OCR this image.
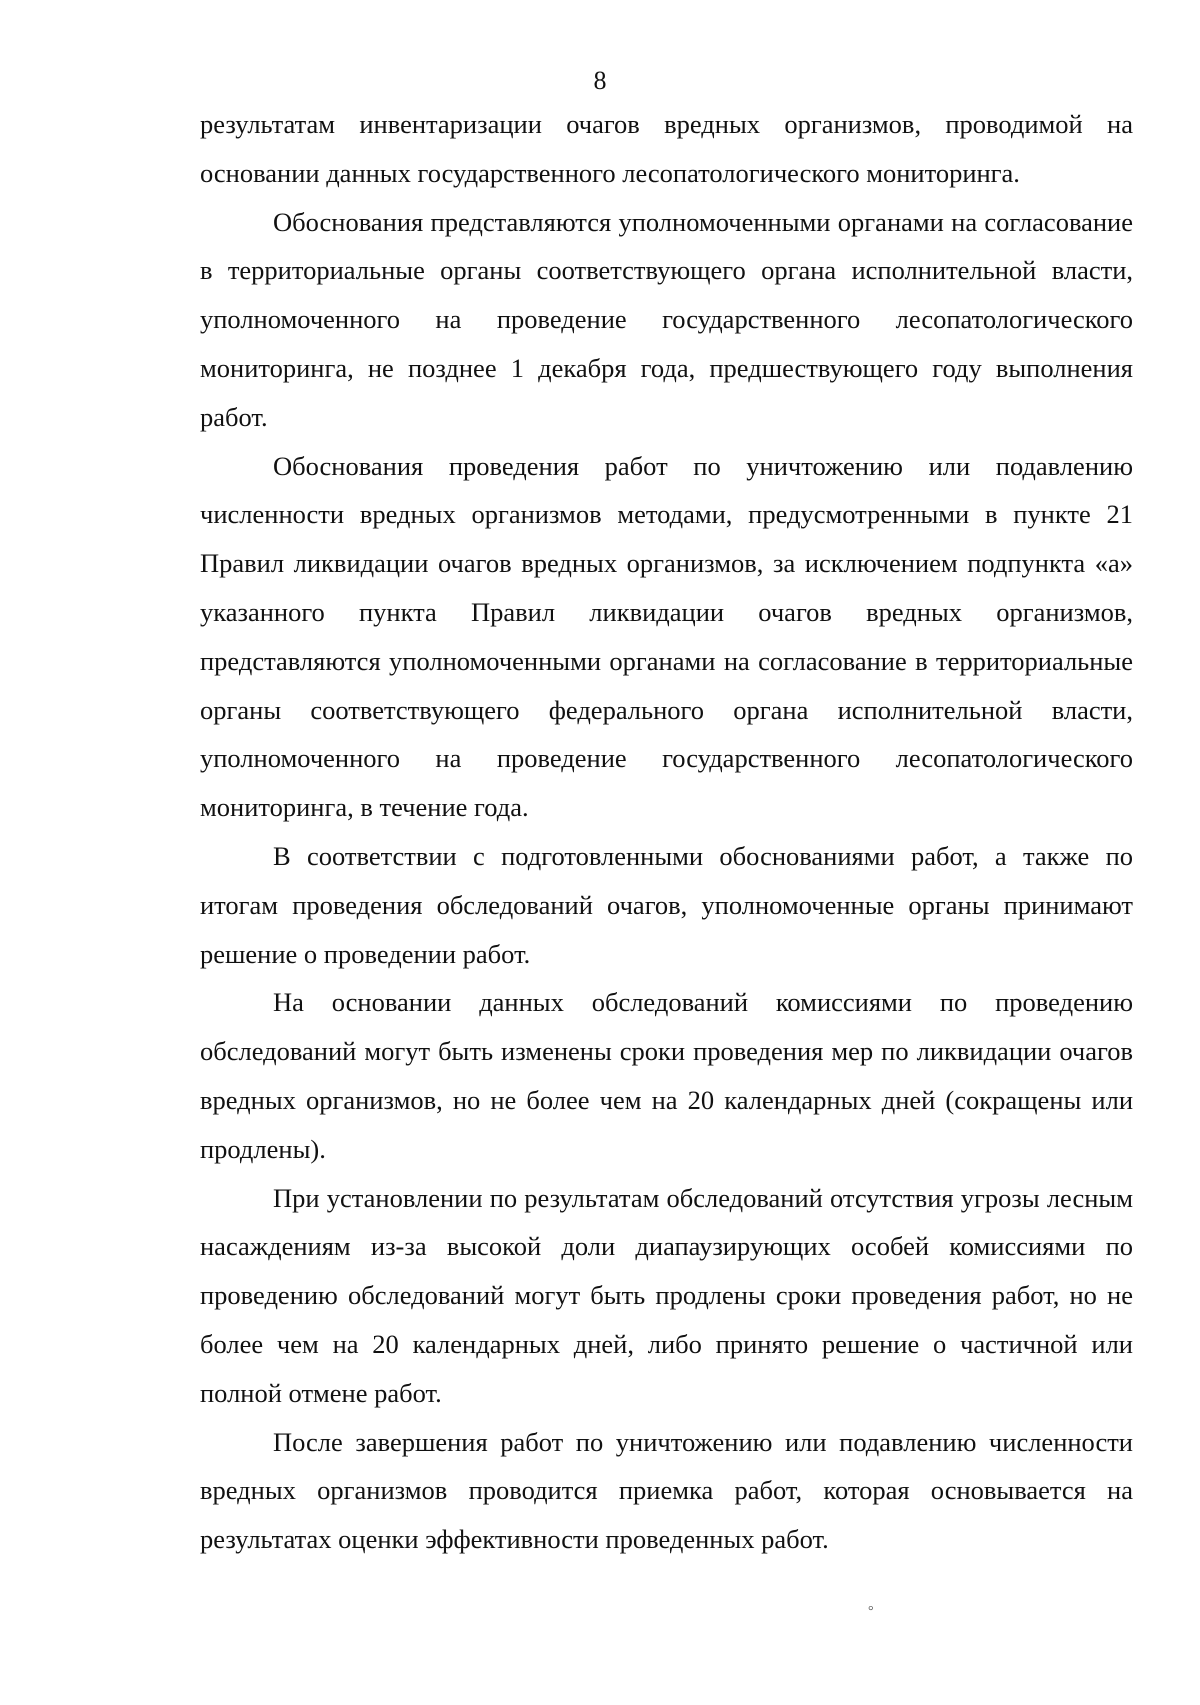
8

результатам инвентаризации очагов вредных организмов, проводимой на основании данных государственного лесопатологического мониторинга.

Обоснования представляются уполномоченными органами на согласование в территориальные органы соответствующего органа исполнительной власти, уполномоченного на проведение государственного лесопатологического мониторинга, не позднее 1 декабря года, предшествующего году выполнения работ.

Обоснования проведения работ по уничтожению или подавлению численности вредных организмов методами, предусмотренными в пункте 21 Правил ликвидации очагов вредных организмов, за исключением подпункта «а» указанного пункта Правил ликвидации очагов вредных организмов, представляются уполномоченными органами на согласование в территориальные органы соответствующего федерального органа исполнительной власти, уполномоченного на проведение государственного лесопатологического мониторинга, в течение года.

В соответствии с подготовленными обоснованиями работ, а также по итогам проведения обследований очагов, уполномоченные органы принимают решение о проведении работ.

На основании данных обследований комиссиями по проведению обследований могут быть изменены сроки проведения мер по ликвидации очагов вредных организмов, но не более чем на 20 календарных дней (сокращены или продлены).

При установлении по результатам обследований отсутствия угрозы лесным насаждениям из-за высокой доли диапаузирующих особей комиссиями по проведению обследований могут быть продлены сроки проведения работ, но не более чем на 20 календарных дней, либо принято решение о частичной или полной отмене работ.

После завершения работ по уничтожению или подавлению численности вредных организмов проводится приемка работ, которая основывается на результатах оценки эффективности проведенных работ.

°
